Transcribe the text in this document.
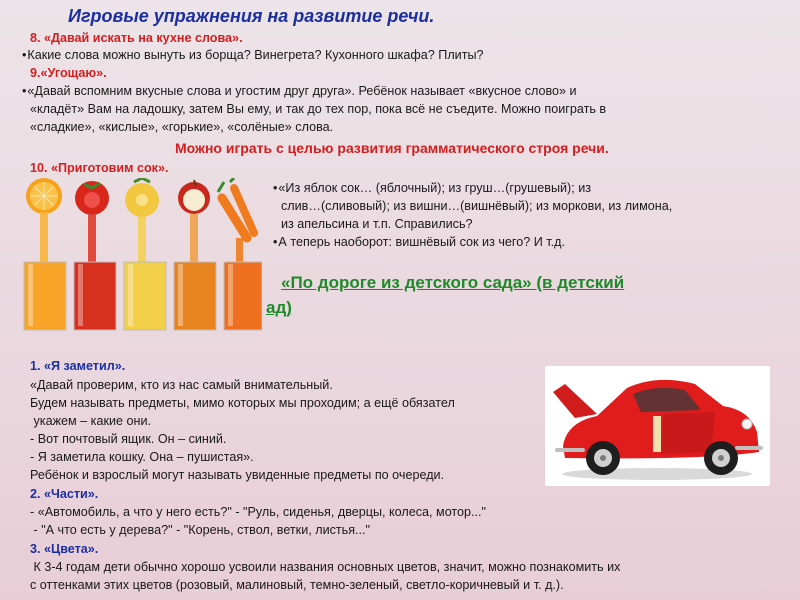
Игровые упражнения на развитие речи.
8. «Давай искать на кухне слова».
• Какие слова можно вынуть из борща? Винегрета? Кухонного шкафа? Плиты?
9.«Угощаю».
• «Давай вспомним вкусные слова и угостим друг друга». Ребёнок называет «вкусное слово» и
«кладёт» Вам на ладошку, затем Вы ему, и так до тех пор, пока всё не съедите. Можно поиграть в
«сладкие», «кислые», «горькие», «солёные» слова.
Можно играть с целью развития грамматического строя речи.
10. «Приготовим сок».
• «Из яблок сок… (яблочный); из груш…(грушевый); из
слив…(сливовый); из вишни…(вишнёвый); из моркови, из лимона,
из апельсина и т.п. Справились?
• А теперь наоборот: вишнёвый сок из чего? И т.д.
«По дороге из детского сада» (в детский
ад)
1. «Я заметил».
«Давай проверим, кто из нас самый внимательный.
Будем называть предметы, мимо которых мы проходим; а ещё обязател
укажем – какие они.
- Вот почтовый ящик. Он – синий.
- Я заметила кошку. Она – пушистая».
Ребёнок и взрослый могут называть увиденные предметы по очереди.
2. «Части».
- «Автомобиль, а что у него есть?" - "Руль, сиденья, дверцы, колеса, мотор..."
- "А что есть у дерева?" - "Корень, ствол, ветки, листья..."
3. «Цвета».
К 3-4 годам дети обычно хорошо усвоили названия основных цветов, значит, можно познакомить их
с оттенками этих цветов (розовый, малиновый, темно-зеленый, светло-коричневый и т. д.).
